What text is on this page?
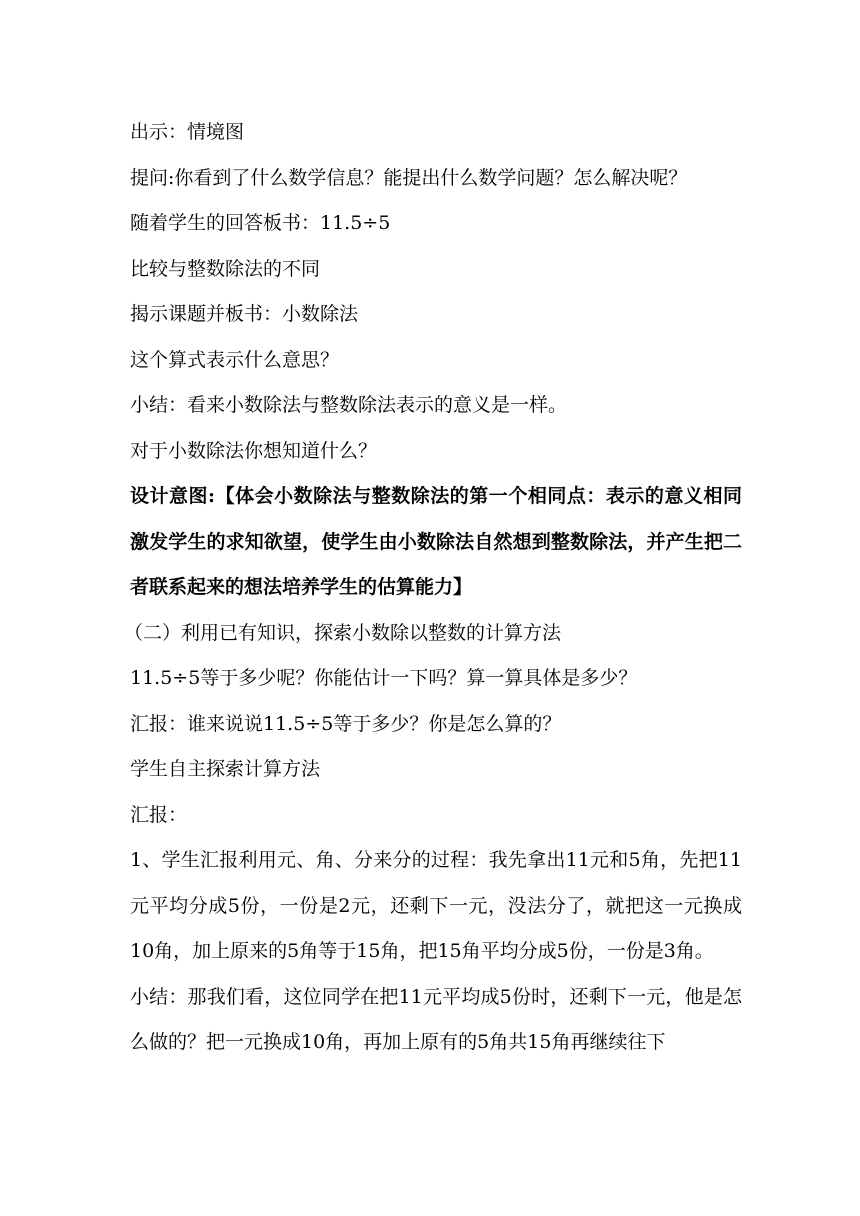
出示：情境图

提问:你看到了什么数学信息？能提出什么数学问题？怎么解决呢？

随着学生的回答板书：11.5÷5

比较与整数除法的不同

揭示课题并板书：小数除法

这个算式表示什么意思？

小结：看来小数除法与整数除法表示的意义是一样。

对于小数除法你想知道什么？

设计意图:【体会小数除法与整数除法的第一个相同点：表示的意义相同激发学生的求知欲望，使学生由小数除法自然想到整数除法，并产生把二者联系起来的想法培养学生的估算能力】

（二）利用已有知识，探索小数除以整数的计算方法

11.5÷5等于多少呢？你能估计一下吗？算一算具体是多少？

汇报：谁来说说11.5÷5等于多少？你是怎么算的？

学生自主探索计算方法

汇报：

1、学生汇报利用元、角、分来分的过程：我先拿出11元和5角，先把11元平均分成5份，一份是2元，还剩下一元，没法分了，就把这一元换成10角，加上原来的5角等于15角，把15角平均分成5份，一份是3角。

小结：那我们看，这位同学在把11元平均成5份时，还剩下一元，他是怎么做的？把一元换成10角，再加上原有的5角共15角再继续往下
